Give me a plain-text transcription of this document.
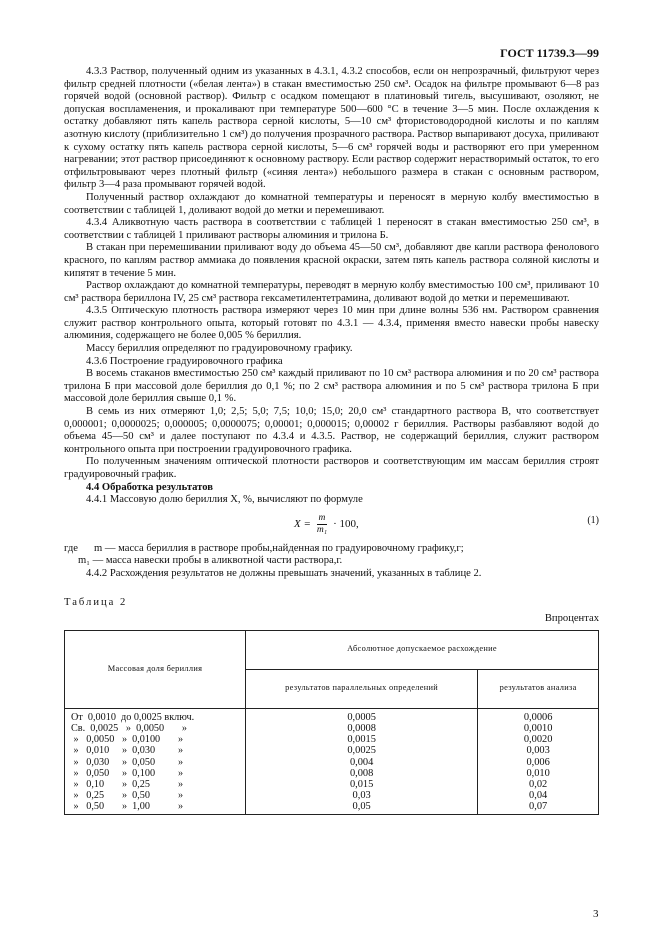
ГОСТ 11739.3—99

4.3.3 Раствор, полученный одним из указанных в 4.3.1, 4.3.2 способов, если он непрозрачный, фильтруют через фильтр средней плотности («белая лента») в стакан вместимостью 250 см³. Осадок на фильтре промывают 6—8 раз горячей водой (основной раствор). Фильтр с осадком помещают в платиновый тигель, высушивают, озоляют, не допуская воспламенения, и прокаливают при температуре 500—600 °С в течение 3—5 мин. После охлаждения к остатку добавляют пять капель раствора серной кислоты, 5—10 см³ фтористоводородной кислоты и по каплям азотную кислоту (приблизительно 1 см³) до получения прозрачного раствора. Раствор выпаривают досуха, приливают к сухому остатку пять капель раствора серной кислоты, 5—6 см³ горячей воды и растворяют его при умеренном нагревании; этот раствор присоединяют к основному раствору. Если раствор содержит нерастворимый остаток, то его отфильтровывают через плотный фильтр («синяя лента») небольшого размера в стакан с основным раствором, фильтр 3—4 раза промывают горячей водой.

Полученный раствор охлаждают до комнатной температуры и переносят в мерную колбу вместимостью в соответствии с таблицей 1, доливают водой до метки и перемешивают.

4.3.4 Аликвотную часть раствора в соответствии с таблицей 1 переносят в стакан вместимостью 250 см³, в соответствии с таблицей 1 приливают растворы алюминия и трилона Б.

В стакан при перемешивании приливают воду до объема 45—50 см³, добавляют две капли раствора фенолового красного, по каплям раствор аммиака до появления красной окраски, затем пять капель раствора соляной кислоты и кипятят в течение 5 мин.

Раствор охлаждают до комнатной температуры, переводят в мерную колбу вместимостью 100 см³, приливают 10 см³ раствора бериллона IV, 25 см³ раствора гексаметилентетрамина, доливают водой до метки и перемешивают.

4.3.5 Оптическую плотность раствора измеряют через 10 мин при длине волны 536 нм. Раствором сравнения служит раствор контрольного опыта, который готовят по 4.3.1 — 4.3.4, применяя вместо навески пробы навеску алюминия, содержащего не более 0,005 % бериллия.

Массу бериллия определяют по градуировочному графику.

4.3.6 Построение градуировочного графика

В восемь стаканов вместимостью 250 см³ каждый приливают по 10 см³ раствора алюминия и по 20 см³ раствора трилона Б при массовой доле бериллия до 0,1 %; по 2 см³ раствора алюминия и по 5 см³ раствора трилона Б при массовой доле бериллия свыше 0,1 %.

В семь из них отмеряют 1,0; 2,5; 5,0; 7,5; 10,0; 15,0; 20,0 см³ стандартного раствора В, что соответствует 0,000001; 0,0000025; 0,000005; 0,0000075; 0,00001; 0,000015; 0,00002 г бериллия. Растворы разбавляют водой до объема 45—50 см³ и далее поступают по 4.3.4 и 4.3.5. Раствор, не содержащий бериллия, служит раствором контрольного опыта при построении градуировочного графика.

По полученным значениям оптической плотности растворов и соответствующим им массам бериллия строят градуировочный график.

4.4 Обработка результатов

4.4.1 Массовую долю бериллия X, %, вычисляют по формуле

$X = \frac{m}{\text{m₁}} \cdot 100$,	(1)
где	m — масса бериллия в растворе пробы,найденная по градуировочному графику,г;
m₁ — масса навески пробы в аликвотной части раствора,г.

4.4.2 Расхождения результатов не должны превышать значений, указанных в таблице 2.

Таблица 2
Впроцентах
Массовая доля бериллия	Абсолютное допускаемое расхождение	
	результатов параллельных определений	результатов анализа
От  0,0010  до 0,0025 включ.	0,0005	0,0006
Св.  0,0025   »  0,0050       »	0,0008	0,0010
»   0,0050   »  0,0100       »	0,0015	0,0020
»   0,010     »  0,030         »	0,0025	0,003
»   0,030     »  0,050         »	0,004	0,006
»   0,050     »  0,100         »	0,008	0,010
»   0,10       »  0,25           »	0,015	0,02
»   0,25       »  0,50           »	0,03	0,04
»   0,50       »  1,00           »	0,05	0,07
3
